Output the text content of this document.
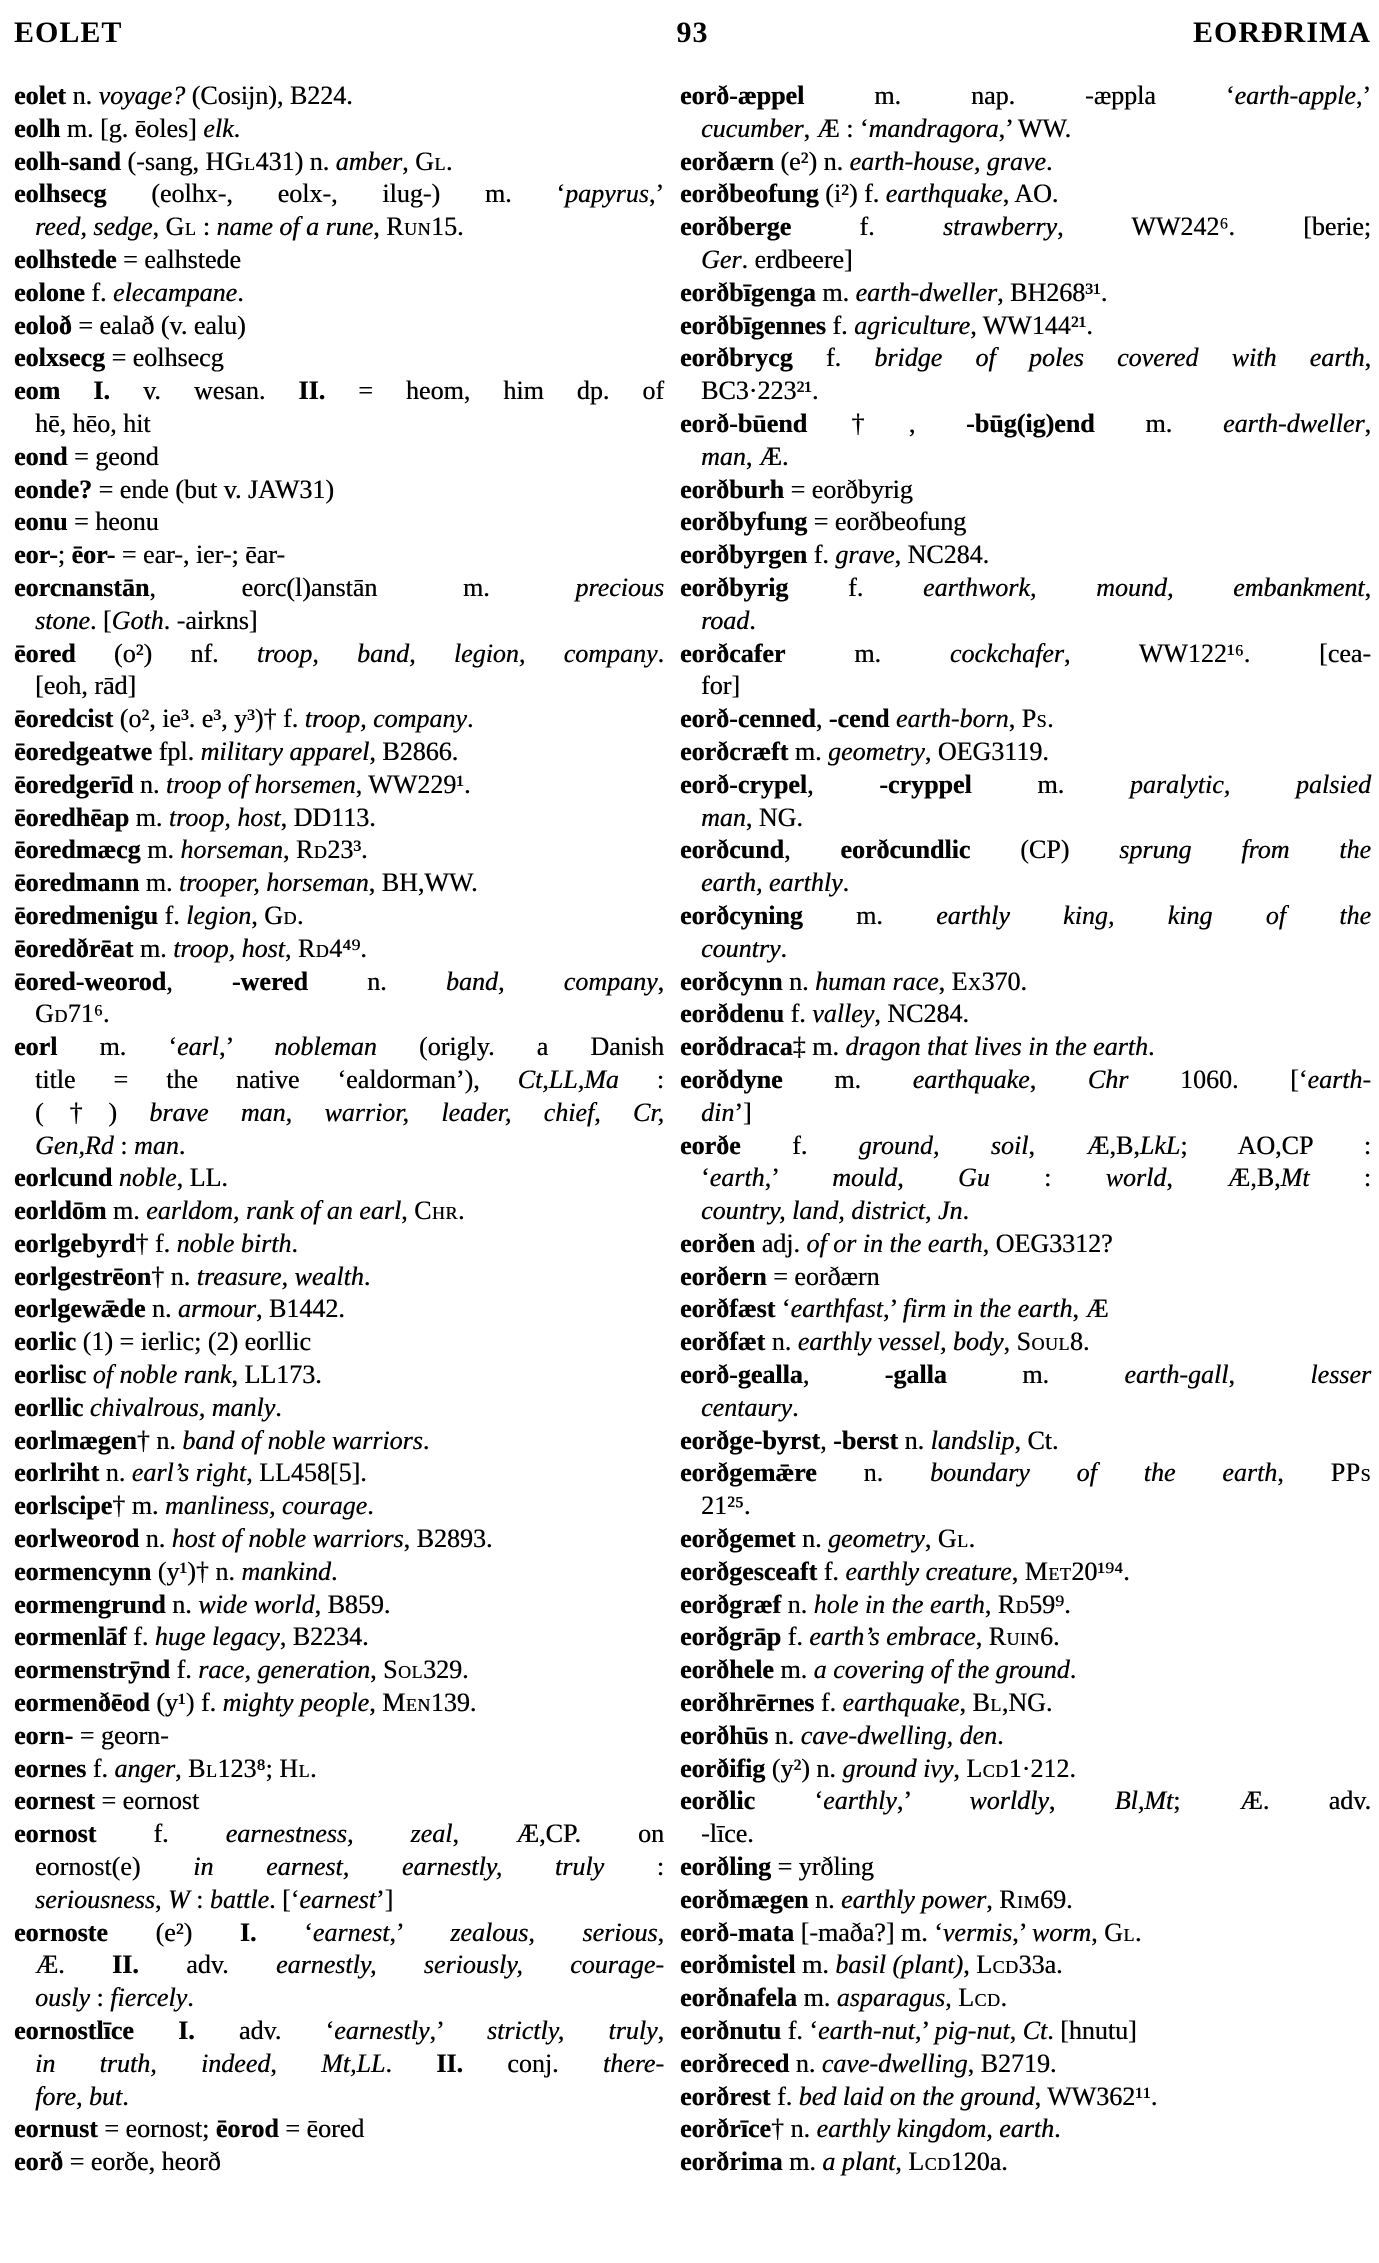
EOLET	93	EORÐRIMA
eolet n. voyage? (Cosijn), B224.
eolh m. [g. ēoles] elk.
eolh-sand (-sang, HGl431) n. amber, Gl.
eolhsecg (eolhx-, eolx-, ilug-) m. ‘papyrus,’
reed, sedge, Gl : name of a rune, Run15.
eolhstede = ealhstede
eolone f. elecampane.
eoloð = ealað (v. ealu)
eolxsecg = eolhsecg
eom I. v. wesan. II. = heom, him dp. of
hē, hēo, hit
eond = geond
eonde? = ende (but v. JAW31)
eonu = heonu
eor-; ēor- = ear-, ier-; ēar-
eorcnanstān, eorc(l)anstān m. precious
stone. [Goth. -airkns]
ēored (o²) nf. troop, band, legion, company.
[eoh, rād]
ēoredcist (o², ie³. e³, y³)† f. troop, company.
ēoredgeatwe fpl. military apparel, B2866.
ēoredgerīd n. troop of horsemen, WW229¹.
ēoredhēap m. troop, host, DD113.
ēoredmæcg m. horseman, Rd23³.
ēoredmann m. trooper, horseman, BH,WW.
ēoredmenigu f. legion, Gd.
ēoredðrēat m. troop, host, Rd4⁴⁹.
ēored-weorod, -wered n. band, company,
Gd71⁶.
eorl m. ‘earl,’ nobleman (origly. a Danish
title = the native ‘ealdorman’), Ct,LL,Ma :
(†) brave man, warrior, leader, chief, Cr,
Gen,Rd : man.
eorlcund noble, LL.
eorldōm m. earldom, rank of an earl, Chr.
eorlgebyrd† f. noble birth.
eorlgestrēon† n. treasure, wealth.
eorlgewǣde n. armour, B1442.
eorlic (1) = ierlic; (2) eorllic
eorlisc of noble rank, LL173.
eorllic chivalrous, manly.
eorlmægen† n. band of noble warriors.
eorlriht n. earl’s right, LL458[5].
eorlscipe† m. manliness, courage.
eorlweorod n. host of noble warriors, B2893.
eormencynn (y¹)† n. mankind.
eormengrund n. wide world, B859.
eormenlāf f. huge legacy, B2234.
eormenstrȳnd f. race, generation, Sol329.
eormenðēod (y¹) f. mighty people, Men139.
eorn- = georn-
eornes f. anger, Bl123⁸; Hl.
eornest = eornost
eornost f. earnestness, zeal, Æ,CP. on
eornost(e) in earnest, earnestly, truly :
seriousness, W : battle. [‘earnest’]
eornoste (e²) I. ‘earnest,’ zealous, serious,
Æ. II. adv. earnestly, seriously, courage-
ously : fiercely.
eornostlīce I. adv. ‘earnestly,’ strictly, truly,
in truth, indeed, Mt,LL. II. conj. there-
fore, but.
eornust = eornost; ēorod = ēored
eorð = eorðe, heorð
eorð-æppel m. nap. -æppla ‘earth-apple,’
cucumber, Æ : ‘mandragora,’ WW.
eorðærn (e²) n. earth-house, grave.
eorðbeofung (i²) f. earthquake, AO.
eorðberge f. strawberry, WW242⁶. [berie;
Ger. erdbeere]
eorðbīgenga m. earth-dweller, BH268³¹.
eorðbīgennes f. agriculture, WW144²¹.
eorðbrycg f. bridge of poles covered with earth,
BC3·223²¹.
eorð-būend†, -būg(ig)end m. earth-dweller,
man, Æ.
eorðburh = eorðbyrig
eorðbyfung = eorðbeofung
eorðbyrgen f. grave, NC284.
eorðbyrig f. earthwork, mound, embankment,
road.
eorðcafer m. cockchafer, WW122¹⁶. [cea-
for]
eorð-cenned, -cend earth-born, Ps.
eorðcræft m. geometry, OEG3119.
eorð-crypel, -cryppel m. paralytic, palsied
man, NG.
eorðcund, eorðcundlic (CP) sprung from the
earth, earthly.
eorðcyning m. earthly king, king of the
country.
eorðcynn n. human race, Ex370.
eorðdenu f. valley, NC284.
eorðdraca‡ m. dragon that lives in the earth.
eorðdyne m. earthquake, Chr 1060. [‘earth-
din’]
eorðe f. ground, soil, Æ,B,LkL; AO,CP :
‘earth,’ mould, Gu : world, Æ,B,Mt :
country, land, district, Jn.
eorðen adj. of or in the earth, OEG3312?
eorðern = eorðærn
eorðfæst ‘earthfast,’ firm in the earth, Æ
eorðfæt n. earthly vessel, body, Soul8.
eorð-gealla, -galla m. earth-gall, lesser
centaury.
eorðge-byrst, -berst n. landslip, Ct.
eorðgemǣre n. boundary of the earth, PPs
21²⁵.
eorðgemet n. geometry, Gl.
eorðgesceaft f. earthly creature, Met20¹⁹⁴.
eorðgræf n. hole in the earth, Rd59⁹.
eorðgrāp f. earth’s embrace, Ruin6.
eorðhele m. a covering of the ground.
eorðhrērnes f. earthquake, Bl,NG.
eorðhūs n. cave-dwelling, den.
eorðifig (y²) n. ground ivy, Lcd1·212.
eorðlic ‘earthly,’ worldly, Bl,Mt; Æ. adv.
-līce.
eorðling = yrðling
eorðmægen n. earthly power, Rim69.
eorð-mata [-maða?] m. ‘vermis,’ worm, Gl.
eorðmistel m. basil (plant), Lcd33a.
eorðnafela m. asparagus, Lcd.
eorðnutu f. ‘earth-nut,’ pig-nut, Ct. [hnutu]
eorðreced n. cave-dwelling, B2719.
eorðrest f. bed laid on the ground, WW362¹¹.
eorðrīce† n. earthly kingdom, earth.
eorðrima m. a plant, Lcd120a.
